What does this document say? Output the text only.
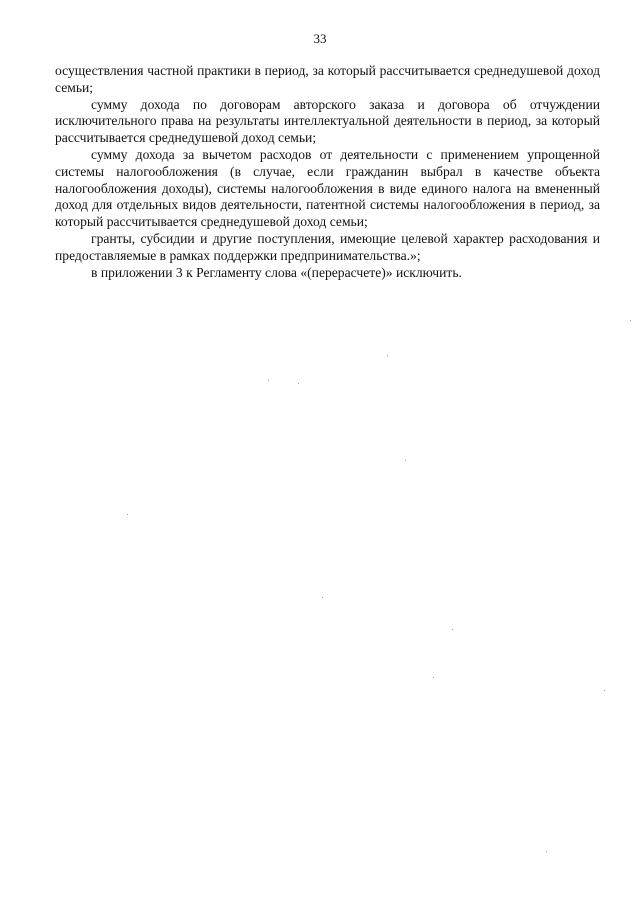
33

осуществления частной практики в период, за который рассчитывается среднедушевой доход семьи;

сумму дохода по договорам авторского заказа и договора об отчуждении исключительного права на результаты интеллектуальной деятельности в период, за который рассчитывается среднедушевой доход семьи;

сумму дохода за вычетом расходов от деятельности с применением упрощенной системы налогообложения (в случае, если гражданин выбрал в качестве объекта налогообложения доходы), системы налогообложения в виде единого налога на вмененный доход для отдельных видов деятельности, патентной системы налогообложения в период, за который рассчитывается среднедушевой доход семьи;

гранты, субсидии и другие поступления, имеющие целевой характер расходования и предоставляемые в рамках поддержки предпринимательства.»;

в приложении 3 к Регламенту слова «(перерасчете)» исключить.
